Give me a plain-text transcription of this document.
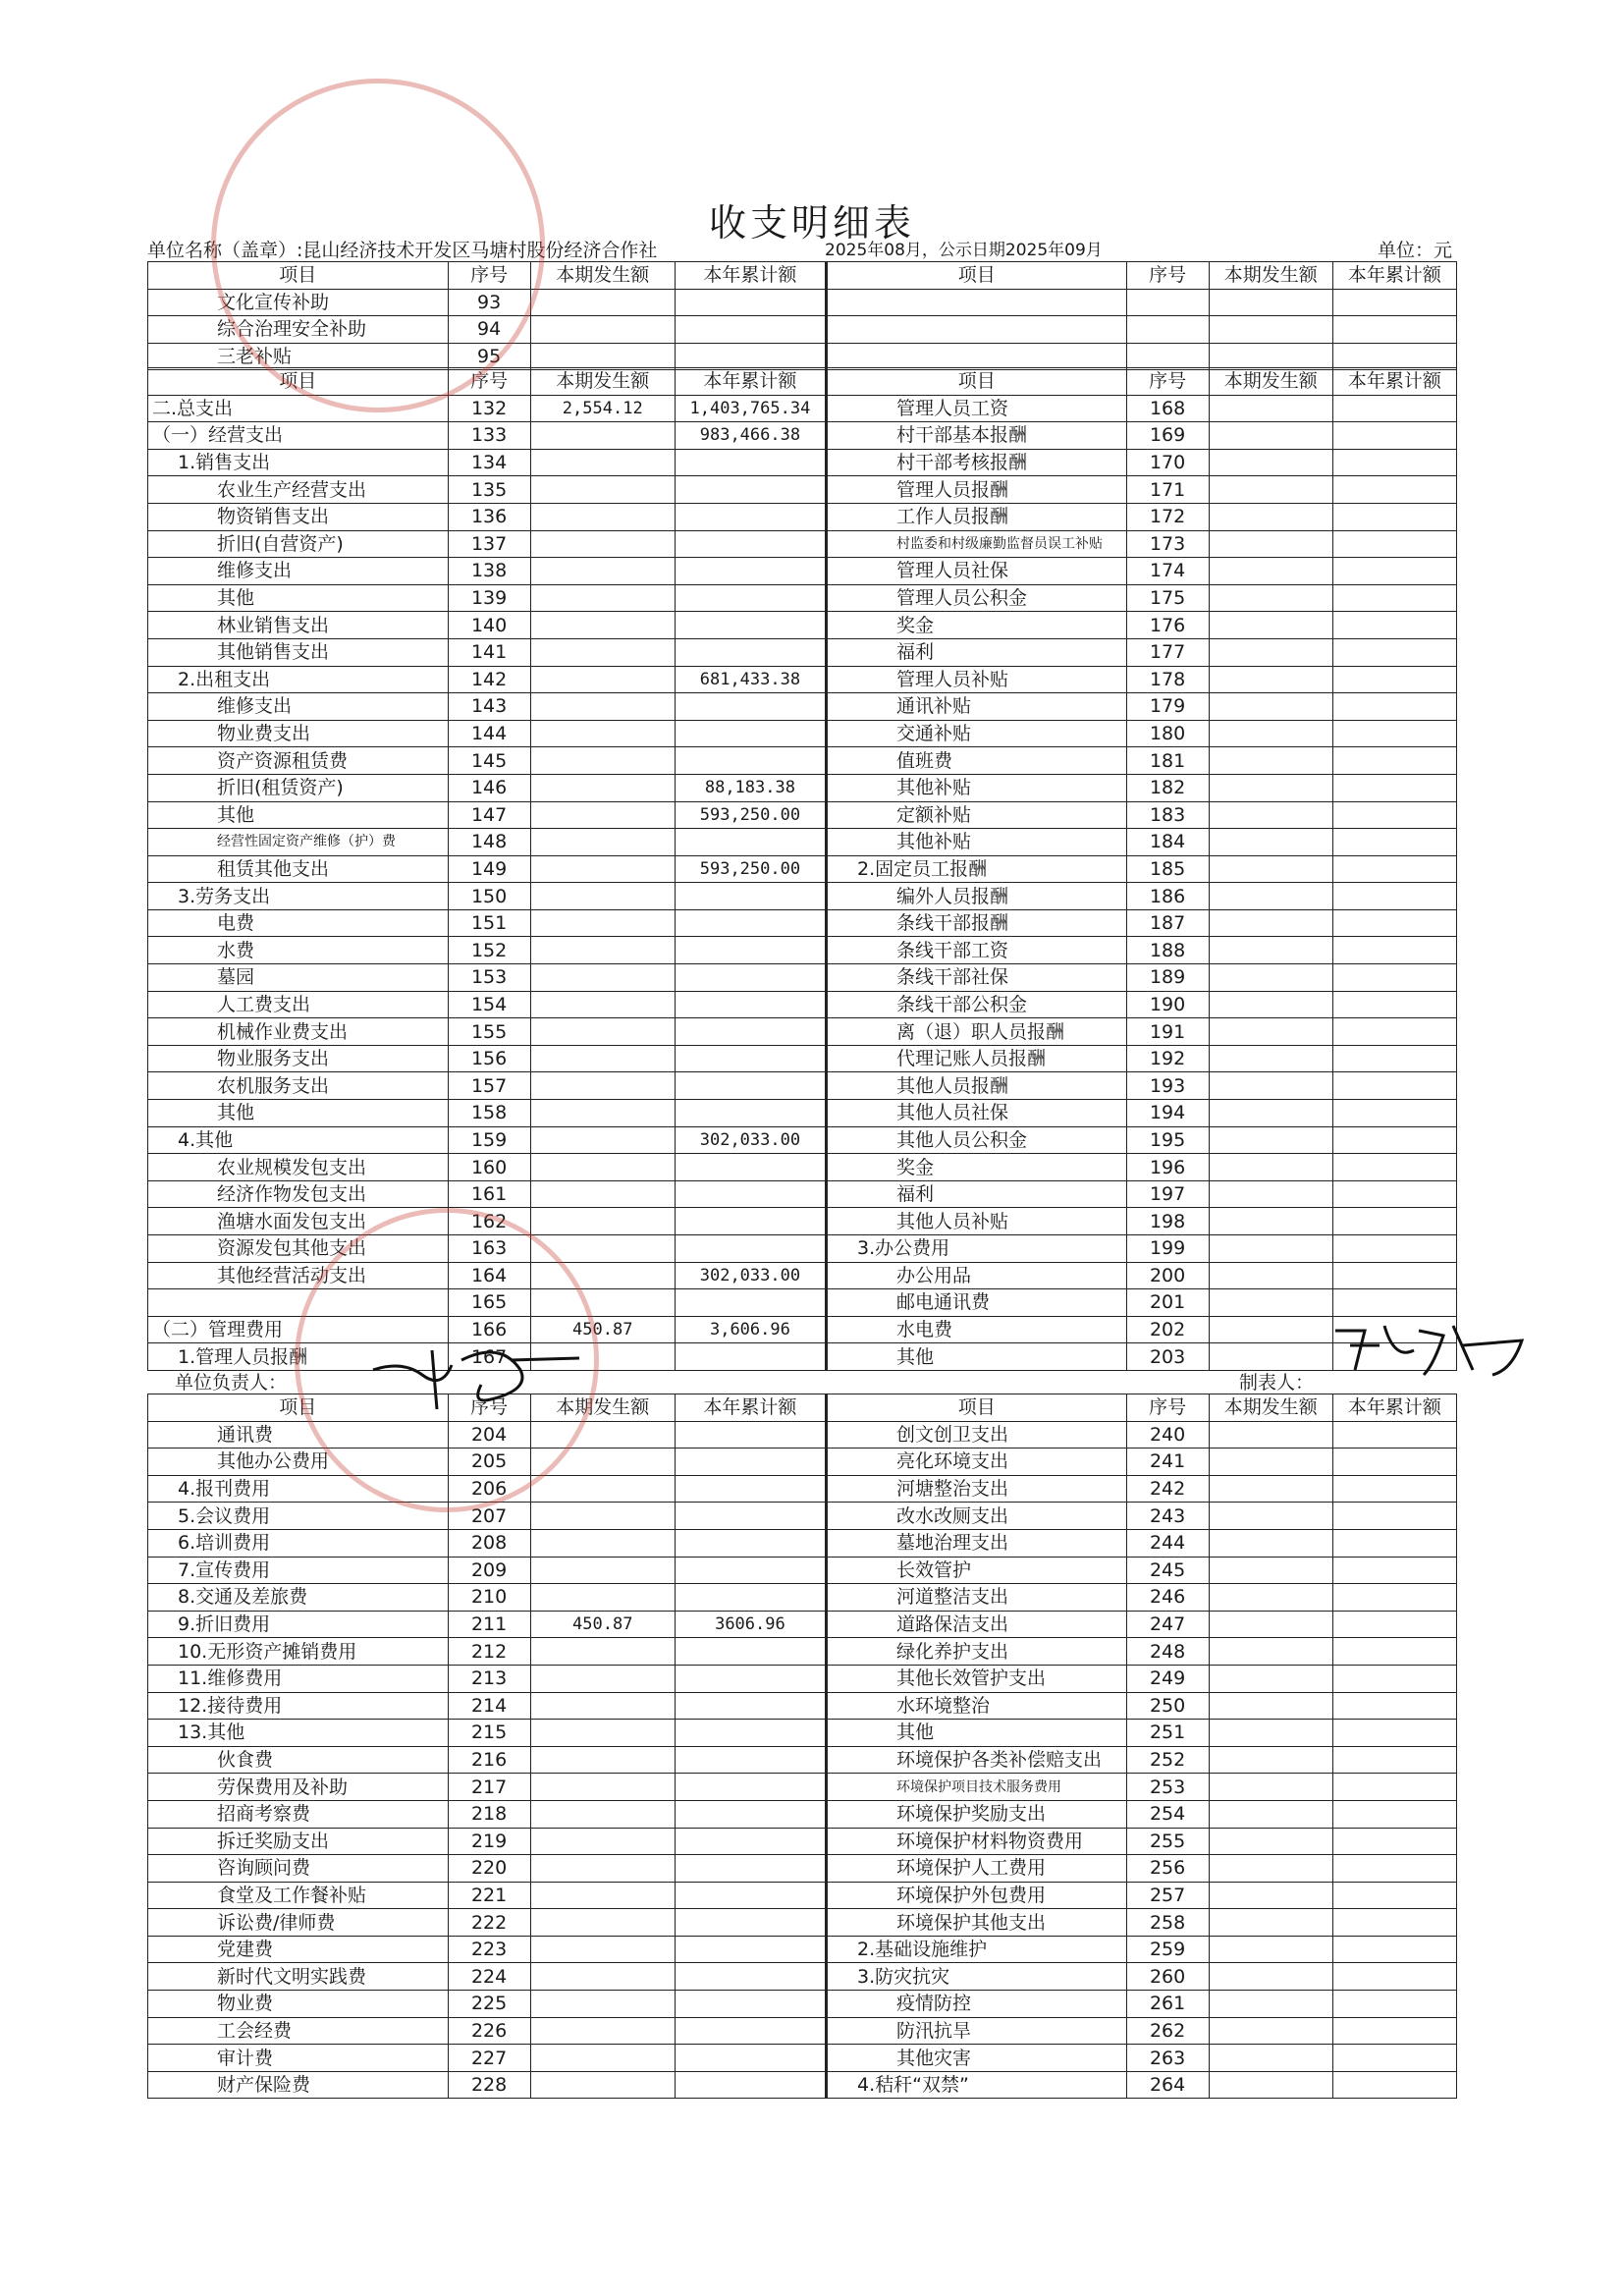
收支明细表
单位名称（盖章）:昆山经济技术开发区马塘村股份经济合作社	2025年08月，公示日期2025年09月	单位：元
项目	序号	本期发生额	本年累计额	项目	序号	本期发生额	本年累计额
文化宣传补助	93						
综合治理安全补助	94						
三老补贴	95						
项目	序号	本期发生额	本年累计额	项目	序号	本期发生额	本年累计额
二.总支出	132	2,554.12	1,403,765.34	管理人员工资	168		
（一）经营支出	133		983,466.38	村干部基本报酬	169		
1.销售支出	134			村干部考核报酬	170		
农业生产经营支出	135			管理人员报酬	171		
物资销售支出	136			工作人员报酬	172		
折旧(自营资产)	137			村监委和村级廉勤监督员误工补贴	173		
维修支出	138			管理人员社保	174		
其他	139			管理人员公积金	175		
林业销售支出	140			奖金	176		
其他销售支出	141			福利	177		
2.出租支出	142		681,433.38	管理人员补贴	178		
维修支出	143			通讯补贴	179		
物业费支出	144			交通补贴	180		
资产资源租赁费	145			值班费	181		
折旧(租赁资产)	146		88,183.38	其他补贴	182		
其他	147		593,250.00	定额补贴	183		
经营性固定资产维修（护）费	148			其他补贴	184		
租赁其他支出	149		593,250.00	2.固定员工报酬	185		
3.劳务支出	150			编外人员报酬	186		
电费	151			条线干部报酬	187		
水费	152			条线干部工资	188		
墓园	153			条线干部社保	189		
人工费支出	154			条线干部公积金	190		
机械作业费支出	155			离（退）职人员报酬	191		
物业服务支出	156			代理记账人员报酬	192		
农机服务支出	157			其他人员报酬	193		
其他	158			其他人员社保	194		
4.其他	159		302,033.00	其他人员公积金	195		
农业规模发包支出	160			奖金	196		
经济作物发包支出	161			福利	197		
渔塘水面发包支出	162			其他人员补贴	198		
资源发包其他支出	163			3.办公费用	199		
其他经营活动支出	164		302,033.00	办公用品	200		
	165			邮电通讯费	201		
（二）管理费用	166	450.87	3,606.96	水电费	202		
1.管理人员报酬	167			其他	203		
单位负责人：	制表人：
项目	序号	本期发生额	本年累计额	项目	序号	本期发生额	本年累计额
通讯费	204			创文创卫支出	240		
其他办公费用	205			亮化环境支出	241		
4.报刊费用	206			河塘整治支出	242		
5.会议费用	207			改水改厕支出	243		
6.培训费用	208			墓地治理支出	244		
7.宣传费用	209			长效管护	245		
8.交通及差旅费	210			河道整洁支出	246		
9.折旧费用	211	450.87	3606.96	道路保洁支出	247		
10.无形资产摊销费用	212			绿化养护支出	248		
11.维修费用	213			其他长效管护支出	249		
12.接待费用	214			水环境整治	250		
13.其他	215			其他	251		
伙食费	216			环境保护各类补偿赔支出	252		
劳保费用及补助	217			环境保护项目技术服务费用	253		
招商考察费	218			环境保护奖励支出	254		
拆迁奖励支出	219			环境保护材料物资费用	255		
咨询顾问费	220			环境保护人工费用	256		
食堂及工作餐补贴	221			环境保护外包费用	257		
诉讼费/律师费	222			环境保护其他支出	258		
党建费	223			2.基础设施维护	259		
新时代文明实践费	224			3.防灾抗灾	260		
物业费	225			疫情防控	261		
工会经费	226			防汛抗旱	262		
审计费	227			其他灾害	263		
财产保险费	228			4.秸秆“双禁”	264		
